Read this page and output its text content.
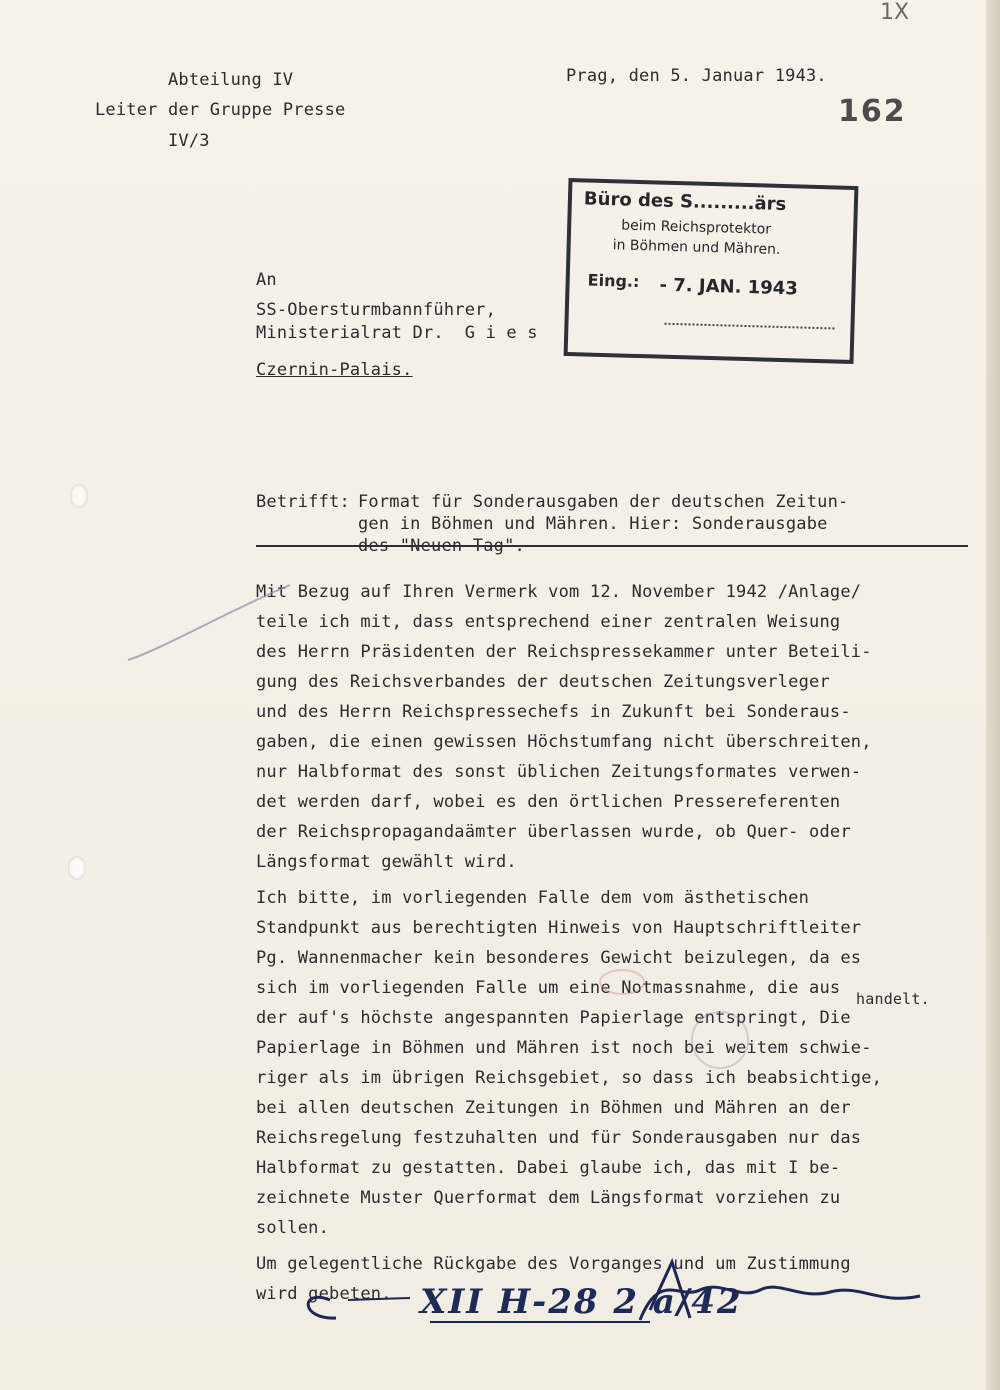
1X
Abteilung IV
Leiter der Gruppe Presse
IV/3
Prag, den 5. Januar 1943.
162
Büro des S.........ärs
beim Reichsprotektor
in Böhmen und Mähren.
Eing.: - 7. JAN. 1943
An
SS-Obersturmbannführer,
Ministerialrat Dr.  G i e s
Czernin-Palais.
Betrifft: Format für Sonderausgaben der deutschen Zeitun-
gen in Böhmen und Mähren. Hier: Sonderausgabe
des "Neuen Tag".
Mit Bezug auf Ihren Vermerk vom 12. November 1942 /Anlage/
teile ich mit, dass entsprechend einer zentralen Weisung
des Herrn Präsidenten der Reichspressekammer unter Beteili-
gung des Reichsverbandes der deutschen Zeitungsverleger
und des Herrn Reichspressechefs in Zukunft bei Sonderaus-
gaben, die einen gewissen Höchstumfang nicht überschreiten,
nur Halbformat des sonst üblichen Zeitungsformates verwen-
det werden darf, wobei es den örtlichen Pressereferenten
der Reichspropagandaämter überlassen wurde, ob Quer- oder
Längsformat gewählt wird.
Ich bitte, im vorliegenden Falle dem vom ästhetischen
Standpunkt aus berechtigten Hinweis von Hauptschriftleiter
Pg. Wannenmacher kein besonderes Gewicht beizulegen, da es
sich im vorliegenden Falle um eine Notmassnahme, die aus
handelt.
der auf's höchste angespannten Papierlage entspringt, Die
Papierlage in Böhmen und Mähren ist noch bei weitem schwie-
riger als im übrigen Reichsgebiet, so dass ich beabsichtige,
bei allen deutschen Zeitungen in Böhmen und Mähren an der
Reichsregelung festzuhalten und für Sonderausgaben nur das
Halbformat zu gestatten. Dabei glaube ich, das mit I be-
zeichnete Muster Querformat dem Längsformat vorziehen zu
sollen.
Um gelegentliche Rückgabe des Vorganges und um Zustimmung
wird gebeten. XII H-28 2 a/42
